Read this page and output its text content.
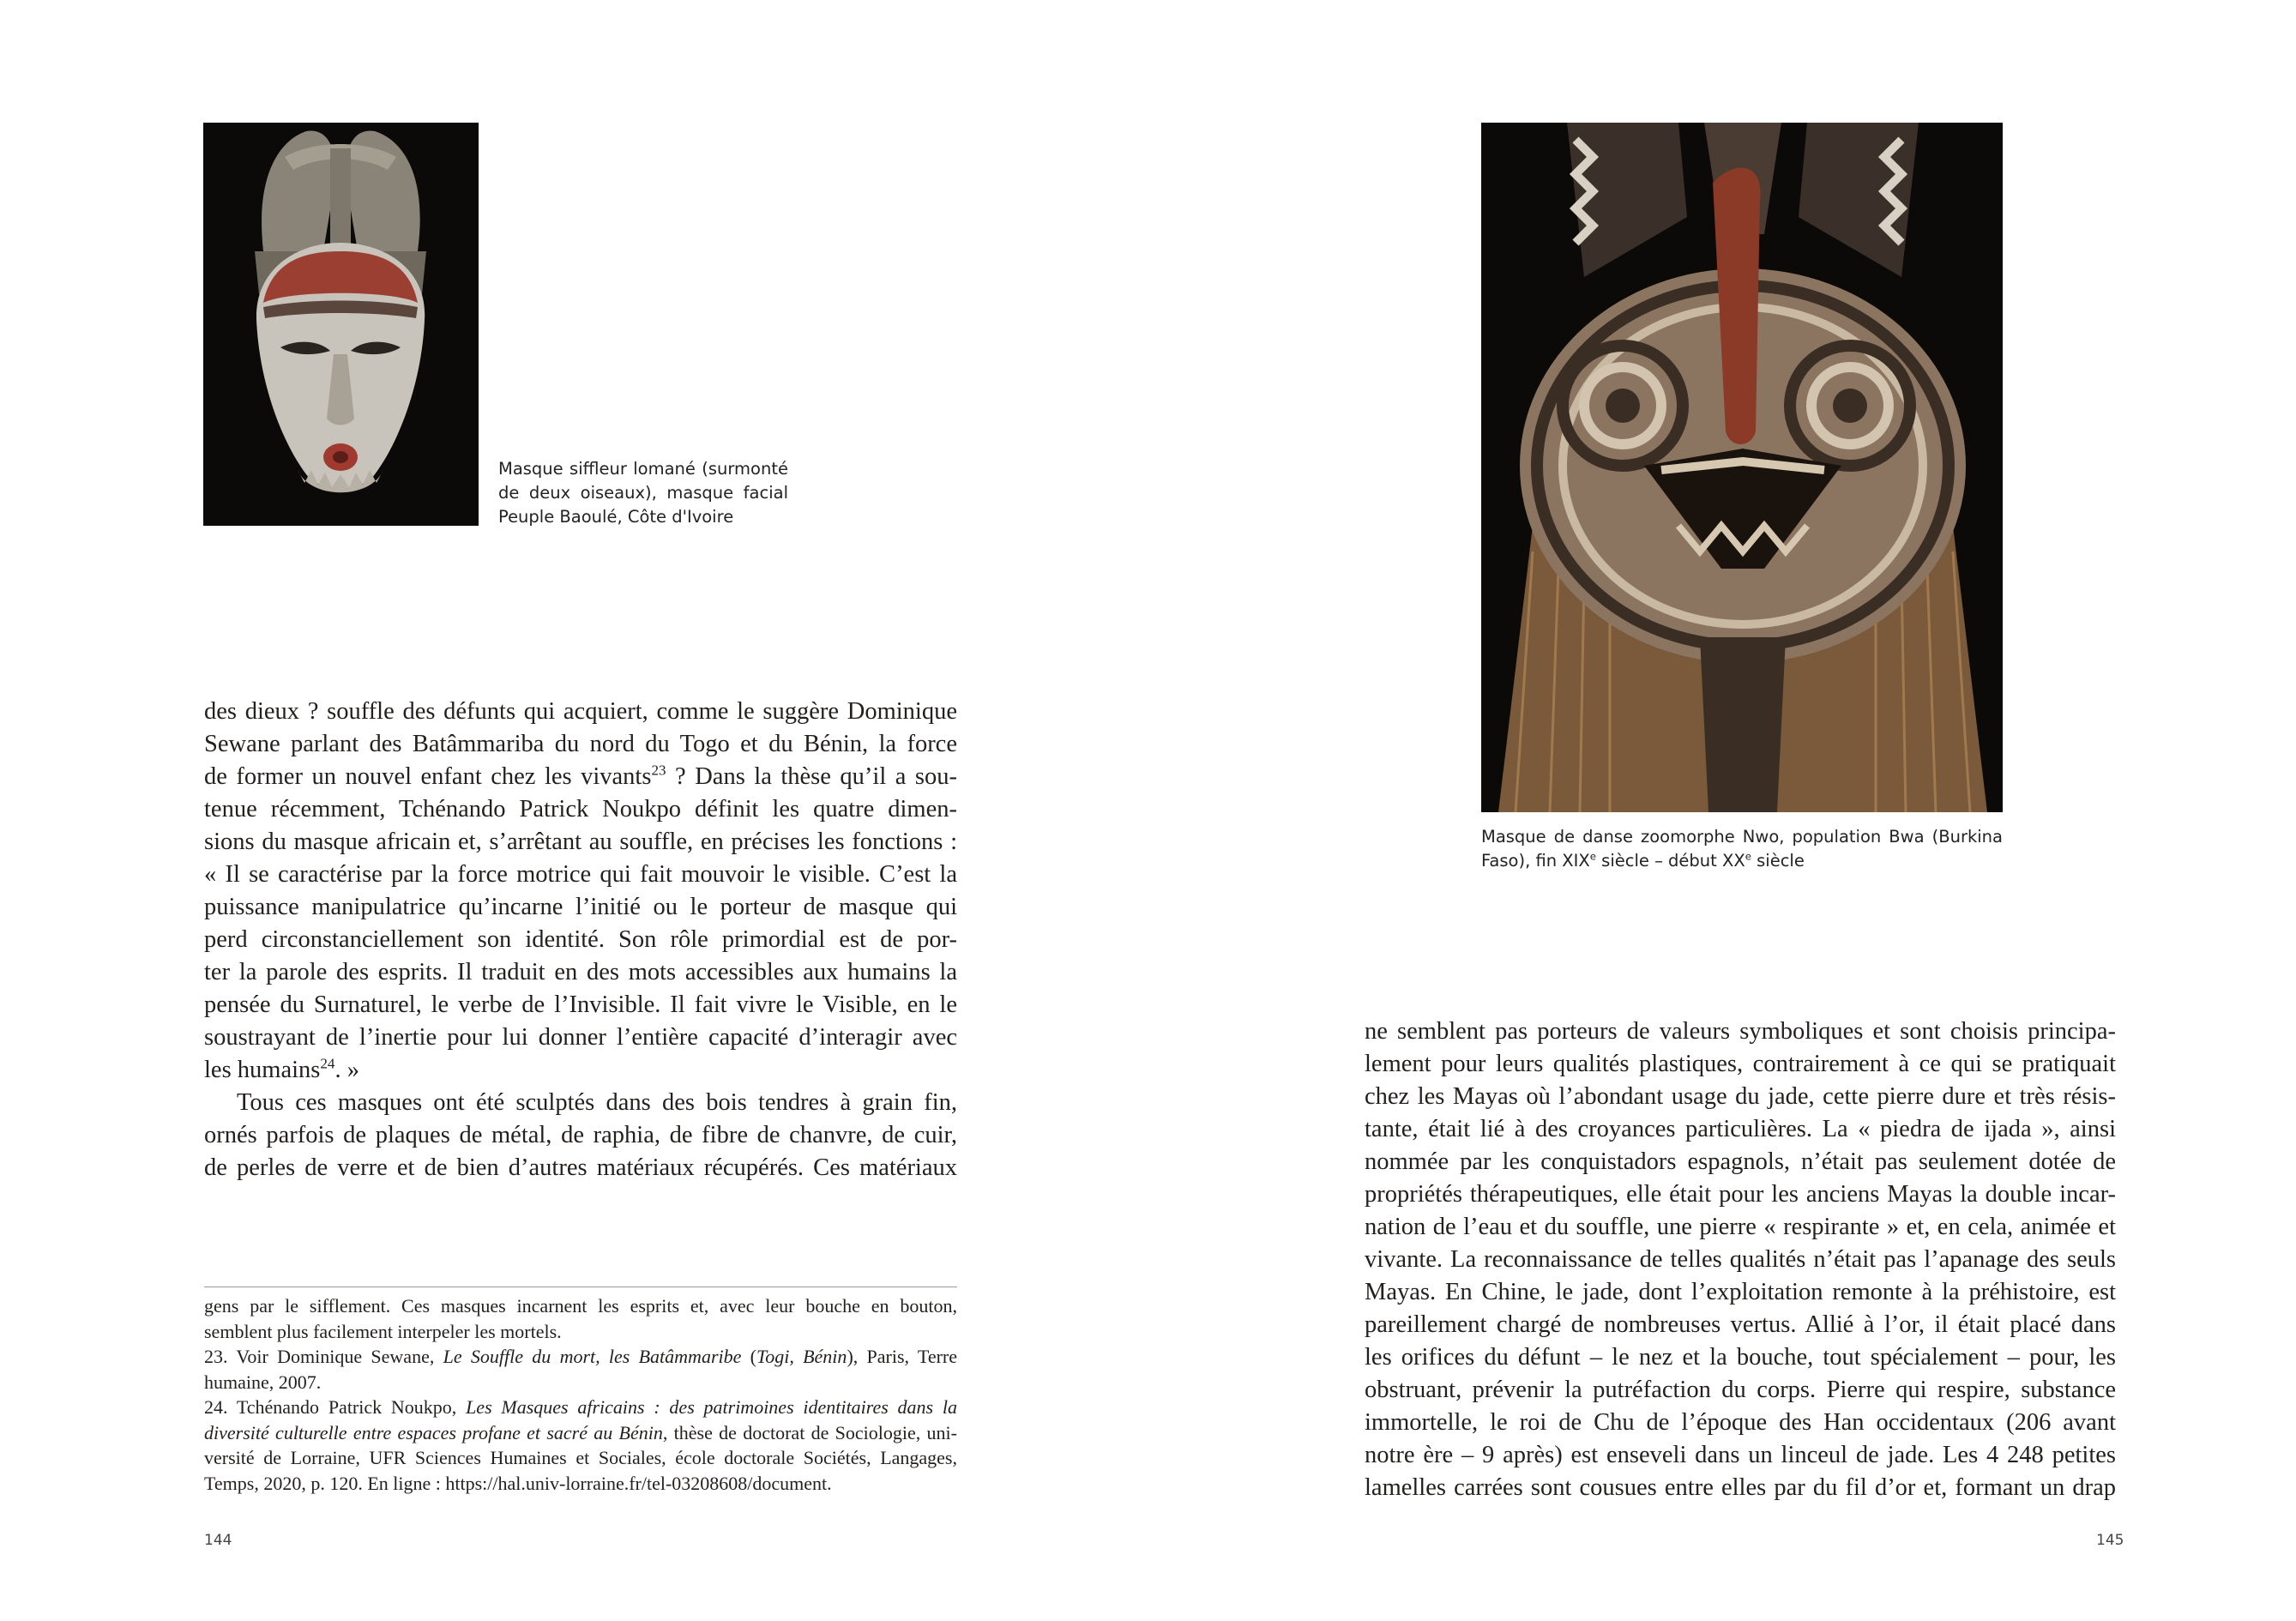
Masque siffleur lomané (surmonté
de deux oiseaux), masque facial
Peuple Baoulé, Côte d'Ivoire
des dieux ? souffle des défunts qui acquiert, comme le suggère Dominique
Sewane parlant des Batâmmariba du nord du Togo et du Bénin, la force
de former un nouvel enfant chez les vivants$^{23}$ ? Dans la thèse qu’il a sou-
tenue récemment, Tchénando Patrick Noukpo définit les quatre dimen-
sions du masque africain et, s’arrêtant au souffle, en précises les fonctions :
« Il se caractérise par la force motrice qui fait mouvoir le visible. C’est la
puissance manipulatrice qu’incarne l’initié ou le porteur de masque qui
perd circonstanciellement son identité. Son rôle primordial est de por-
ter la parole des esprits. Il traduit en des mots accessibles aux humains la
pensée du Surnaturel, le verbe de l’Invisible. Il fait vivre le Visible, en le
soustrayant de l’inertie pour lui donner l’entière capacité d’interagir avec
les humains$^{24}$. »
Tous ces masques ont été sculptés dans des bois tendres à grain fin,
ornés parfois de plaques de métal, de raphia, de fibre de chanvre, de cuir,
de perles de verre et de bien d’autres matériaux récupérés. Ces matériaux
gens par le sifflement. Ces masques incarnent les esprits et, avec leur bouche en bouton,
semblent plus facilement interpeler les mortels.
23. Voir Dominique Sewane, Le Souffle du mort, les Batâmmaribe (Togi, Bénin), Paris, Terre
humaine, 2007.
24. Tchénando Patrick Noukpo, Les Masques africains : des patrimoines identitaires dans la
diversité culturelle entre espaces profane et sacré au Bénin, thèse de doctorat de Sociologie, uni-
versité de Lorraine, UFR Sciences Humaines et Sociales, école doctorale Sociétés, Langages,
Temps, 2020, p. 120. En ligne : https://hal.univ-lorraine.fr/tel-03208608/document.
144
Masque de danse zoomorphe Nwo, population Bwa (Burkina
Faso), fin XIXe siècle – début XXe siècle
ne semblent pas porteurs de valeurs symboliques et sont choisis principa-
lement pour leurs qualités plastiques, contrairement à ce qui se pratiquait
chez les Mayas où l’abondant usage du jade, cette pierre dure et très résis-
tante, était lié à des croyances particulières. La « piedra de ijada », ainsi
nommée par les conquistadors espagnols, n’était pas seulement dotée de
propriétés thérapeutiques, elle était pour les anciens Mayas la double incar-
nation de l’eau et du souffle, une pierre « respirante » et, en cela, animée et
vivante. La reconnaissance de telles qualités n’était pas l’apanage des seuls
Mayas. En Chine, le jade, dont l’exploitation remonte à la préhistoire, est
pareillement chargé de nombreuses vertus. Allié à l’or, il était placé dans
les orifices du défunt – le nez et la bouche, tout spécialement – pour, les
obstruant, prévenir la putréfaction du corps. Pierre qui respire, substance
immortelle, le roi de Chu de l’époque des Han occidentaux (206 avant
notre ère – 9 après) est enseveli dans un linceul de jade. Les 4 248 petites
lamelles carrées sont cousues entre elles par du fil d’or et, formant un drap
145
